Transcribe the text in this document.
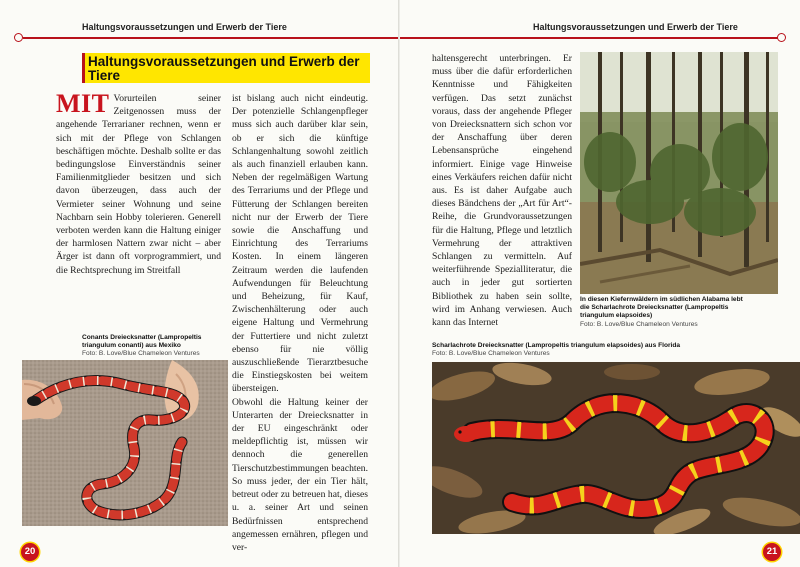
Haltungsvoraussetzungen und Erwerb der Tiere
Haltungsvoraussetzungen und Erwerb der Tiere
MIT Vorurteilen seiner Zeitgenossen muss der angehende Terrarianer rechnen, wenn er sich mit der Pflege von Schlangen beschäftigen möchte. Deshalb sollte er das bedingungslose Einverständnis seiner Familienmitglieder besitzen und sich davon überzeugen, dass auch der Vermieter seiner Wohnung und seine Nachbarn sein Hobby tolerieren. Generell verboten werden kann die Haltung einiger der harmlosen Nattern zwar nicht – aber Ärger ist dann oft vorprogrammiert, und die Rechtsprechung im Streitfall

ist bislang auch nicht eindeutig. Der potenzielle Schlangenpfleger muss sich auch darüber klar sein, ob er sich die künftige Schlangenhaltung sowohl zeitlich als auch finanziell erlauben kann. Neben der regelmäßigen Wartung des Terrariums und der Pflege und Fütterung der Schlangen bereiten nicht nur der Erwerb der Tiere sowie die Anschaffung und Einrichtung des Terrariums Kosten. In einem längeren Zeitraum werden die laufenden Aufwendungen für Beleuchtung und Beheizung, für Kauf, Zwischenhälterung oder auch eigene Haltung und Vermehrung der Futtertiere und nicht zuletzt ebenso für nie völlig auszuschließende Tierarztbesuche die Einstiegskosten bei weitem übersteigen.

Obwohl die Haltung keiner der Unterarten der Dreiecksnatter in der EU eingeschränkt oder meldepflichtig ist, müssen wir dennoch die generellen Tierschutzbestimmungen beachten. So muss jeder, der ein Tier hält, betreut oder zu betreuen hat, dieses u. a. seiner Art und seinen Bedürfnissen entsprechend angemessen ernähren, pflegen und ver-

Conants Dreiecksnatter (Lampropeltis triangulum conanti) aus Mexiko
Foto: B. Love/Blue Chameleon Ventures
20
Haltungsvoraussetzungen und Erwerb der Tiere

haltensgerecht unterbringen. Er muss über die dafür erforderlichen Kenntnisse und Fähigkeiten verfügen. Das setzt zunächst voraus, dass der angehende Pfleger von Dreiecksnattern sich schon vor der Anschaffung über deren Lebensansprüche eingehend informiert. Einige vage Hinweise eines Verkäufers reichen dafür nicht aus. Es ist daher Aufgabe auch dieses Bändchens der „Art für Art“-Reihe, die Grundvoraussetzungen für die Haltung, Pflege und letztlich Vermehrung der attraktiven Schlangen zu vermitteln. Auf weiterführende Spezialliteratur, die auch in jeder gut sortierten Bibliothek zu haben sein sollte, wird im Anhang verwiesen. Auch kann das Internet

In diesen Kiefernwäldern im südlichen Alabama lebt die Scharlachrote Dreiecksnatter (Lampropeltis triangulum elapsoides)
Foto: B. Love/Blue Chameleon Ventures
Scharlachrote Dreiecksnatter (Lampropeltis triangulum elapsoides) aus Florida
Foto: B. Love/Blue Chameleon Ventures
21
